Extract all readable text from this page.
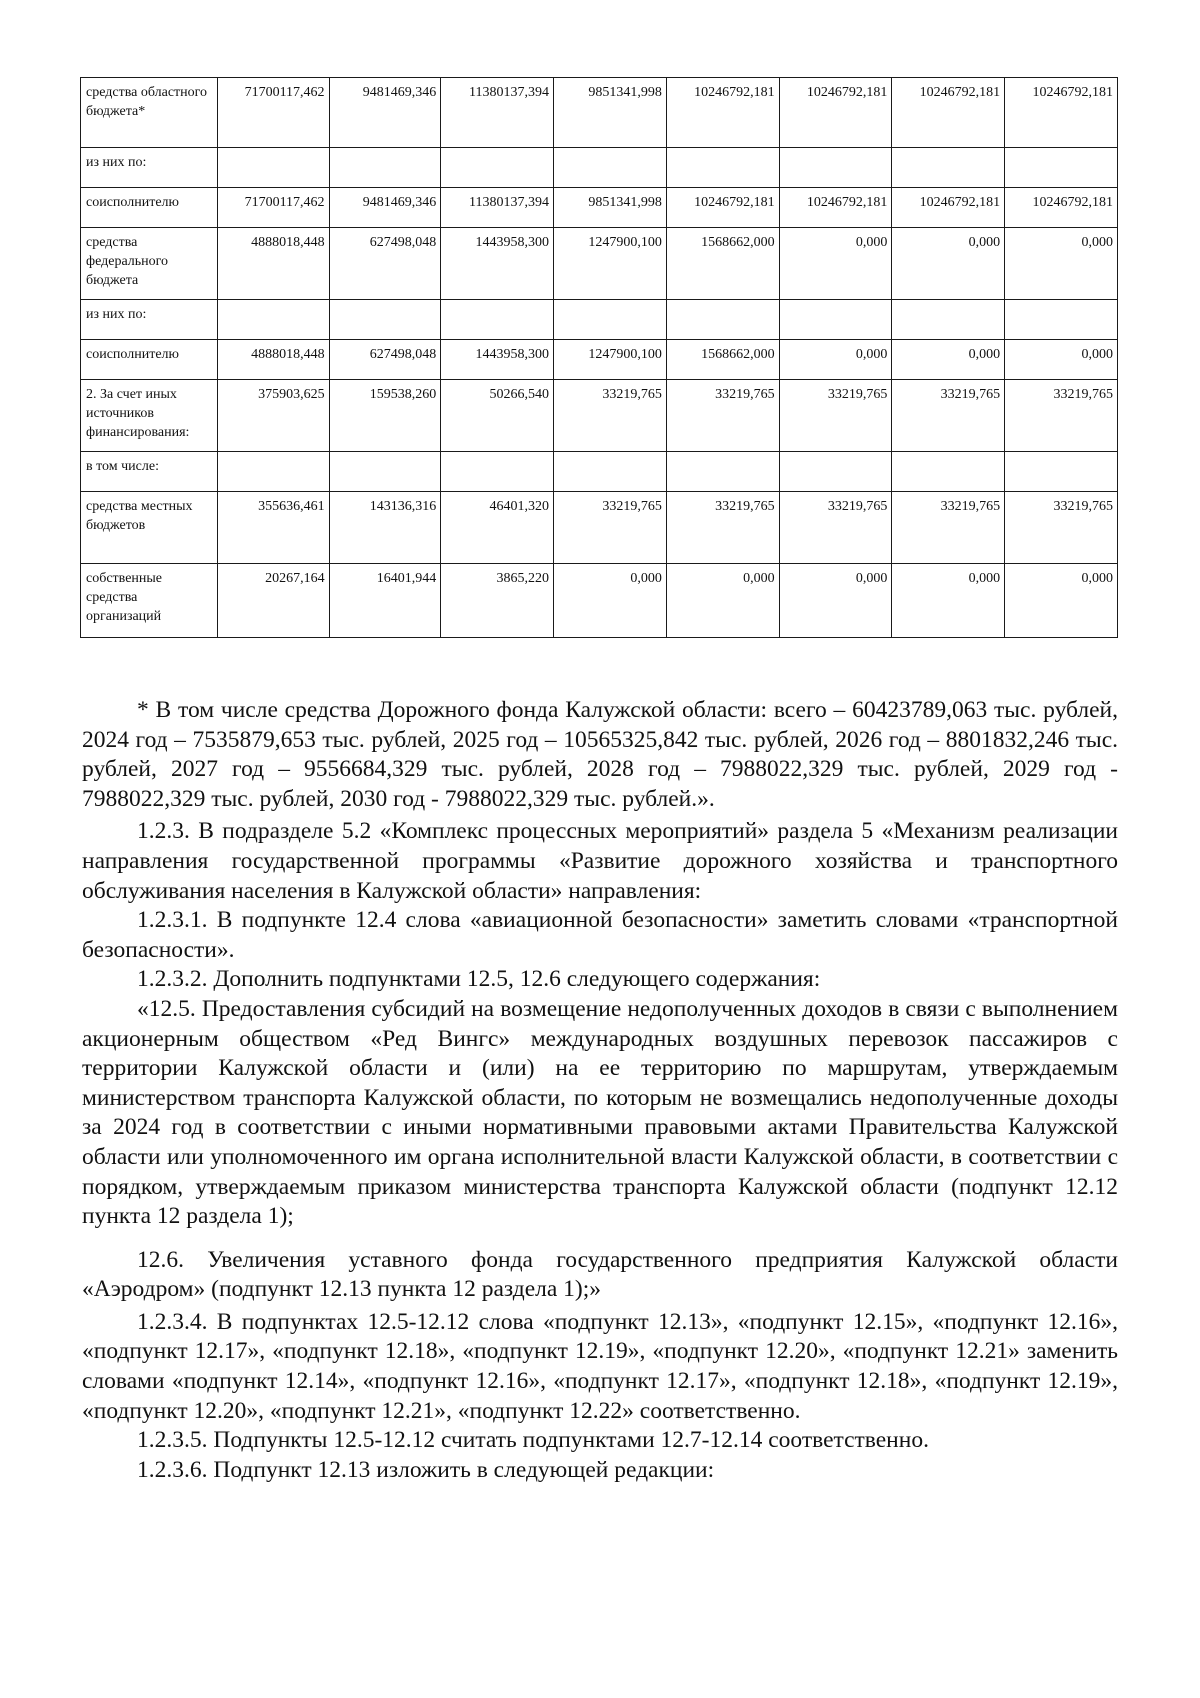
средства областного бюджета*	71700117,462	9481469,346	11380137,394	9851341,998	10246792,181	10246792,181	10246792,181	10246792,181
из них по:								
соисполнителю	71700117,462	9481469,346	11380137,394	9851341,998	10246792,181	10246792,181	10246792,181	10246792,181
средства федерального бюджета	4888018,448	627498,048	1443958,300	1247900,100	1568662,000	0,000	0,000	0,000
из них по:								
соисполнителю	4888018,448	627498,048	1443958,300	1247900,100	1568662,000	0,000	0,000	0,000
2. За счет иных источников финансирования:	375903,625	159538,260	50266,540	33219,765	33219,765	33219,765	33219,765	33219,765
в том числе:								
средства местных бюджетов	355636,461	143136,316	46401,320	33219,765	33219,765	33219,765	33219,765	33219,765
собственные средства организаций	20267,164	16401,944	3865,220	0,000	0,000	0,000	0,000	0,000

* В том числе средства Дорожного фонда Калужской области: всего – 60423789,063 тыс. рублей, 2024 год – 7535879,653 тыс. рублей, 2025 год – 10565325,842 тыс. рублей, 2026 год – 8801832,246 тыс. рублей, 2027 год – 9556684,329 тыс. рублей, 2028 год – 7988022,329 тыс. рублей, 2029 год - 7988022,329 тыс. рублей, 2030 год - 7988022,329 тыс. рублей.».

1.2.3. В подразделе 5.2 «Комплекс процессных мероприятий» раздела 5 «Механизм реализации направления государственной программы «Развитие дорожного хозяйства и транспортного обслуживания населения в Калужской области» направления:

1.2.3.1. В подпункте 12.4 слова «авиационной безопасности» заметить словами «транспортной безопасности».

1.2.3.2. Дополнить подпунктами 12.5, 12.6 следующего содержания:

«12.5. Предоставления субсидий на возмещение недополученных доходов в связи с выполнением акционерным обществом «Ред Вингс» международных воздушных перевозок пассажиров с территории Калужской области и (или) на ее территорию по маршрутам, утверждаемым министерством транспорта Калужской области, по которым не возмещались недополученные доходы за 2024 год в соответствии с иными нормативными правовыми актами Правительства Калужской области или уполномоченного им органа исполнительной власти Калужской области, в соответствии с порядком, утверждаемым приказом министерства транспорта Калужской области (подпункт 12.12 пункта 12 раздела 1);

12.6. Увеличения уставного фонда государственного предприятия Калужской области «Аэродром» (подпункт 12.13 пункта 12 раздела 1);»

1.2.3.4. В подпунктах 12.5-12.12 слова «подпункт 12.13», «подпункт 12.15», «подпункт 12.16», «подпункт 12.17», «подпункт 12.18», «подпункт 12.19», «подпункт 12.20», «подпункт 12.21» заменить словами «подпункт 12.14», «подпункт 12.16», «подпункт 12.17», «подпункт 12.18», «подпункт 12.19», «подпункт 12.20», «подпункт 12.21», «подпункт 12.22» соответственно.

1.2.3.5. Подпункты 12.5-12.12 считать подпунктами 12.7-12.14 соответственно.

1.2.3.6. Подпункт 12.13 изложить в следующей редакции:
